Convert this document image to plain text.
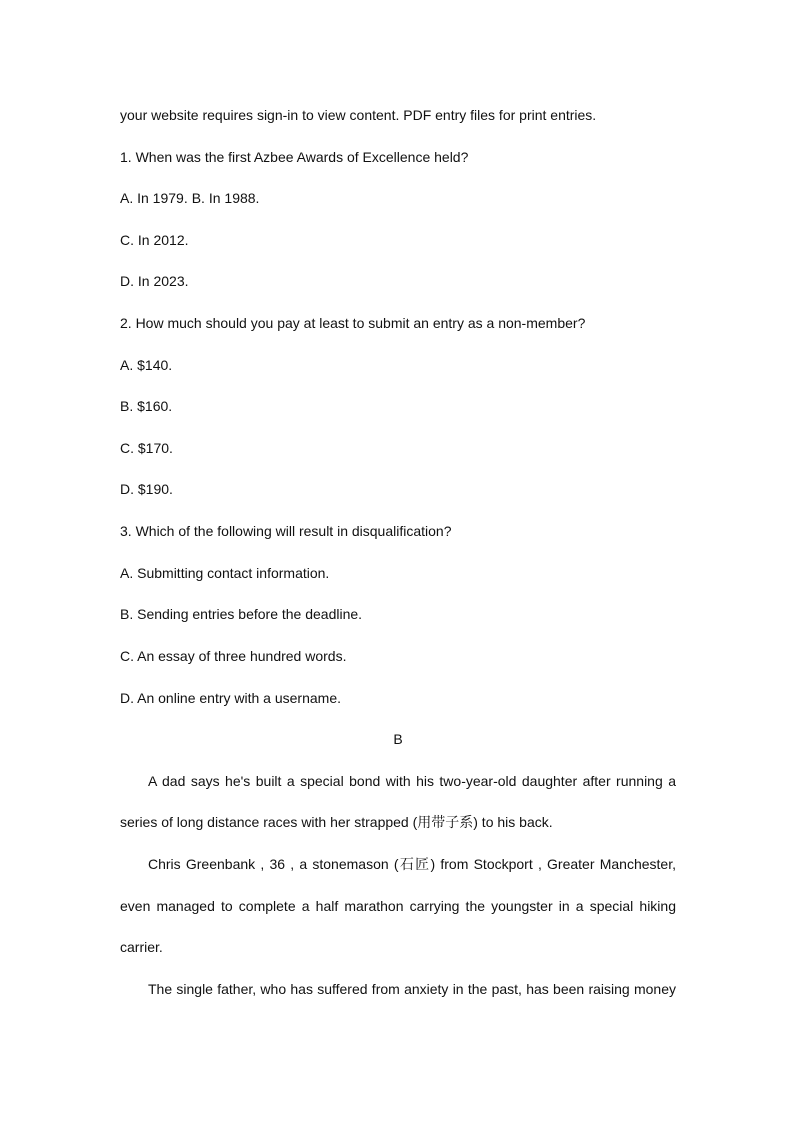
your website requires sign-in to view content. PDF entry files for print entries.
1. When was the first Azbee Awards of Excellence held?
A. In 1979. B. In 1988.
C. In 2012.
D. In 2023.
2. How much should you pay at least to submit an entry as a non-member?
A. $140.
B. $160.
C. $170.
D. $190.
3. Which of the following will result in disqualification?
A. Submitting contact information.
B. Sending entries before the deadline.
C. An essay of three hundred words.
D. An online entry with a username.
B
A dad says he's built a special bond with his two-year-old daughter after running a
series of long distance races with her strapped (用带子系) to his back.
Chris Greenbank , 36 , a stonemason (石匠) from Stockport , Greater Manchester,
even managed to complete a half marathon carrying the youngster in a special hiking
carrier.
The single father, who has suffered from anxiety in the past, has been raising money
